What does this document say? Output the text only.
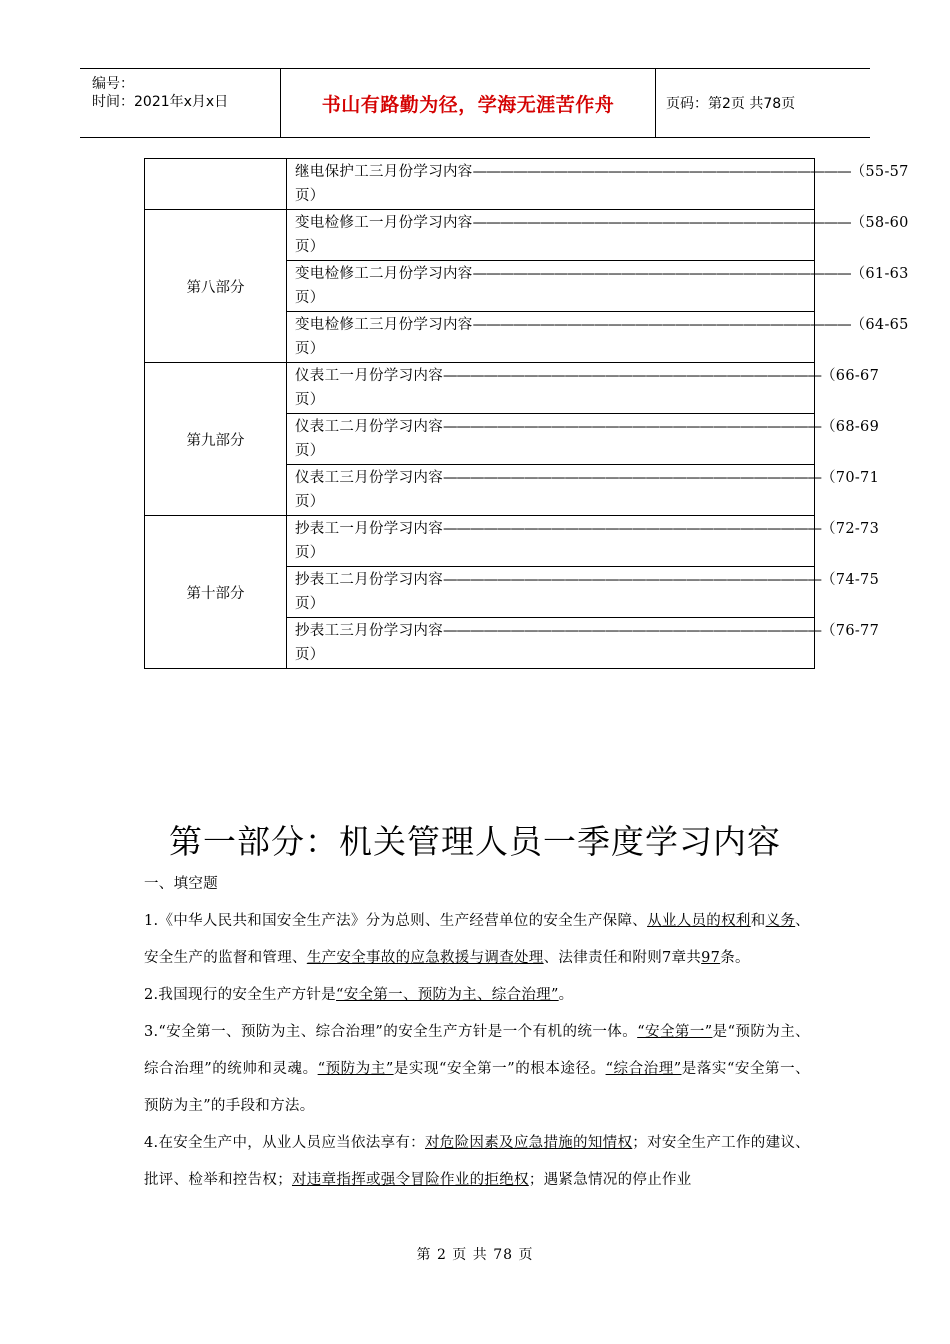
编号：
时间：2021年x月x日	书山有路勤为径，学海无涯苦作舟	页码：第2页 共78页

	继电保护工三月份学习内容 ———————————————————————————— （55-57
页）

第八部分	变电检修工一月份学习内容 ———————————————————————————— （58-60
页）

	变电检修工二月份学习内容 ———————————————————————————— （61-63
页）

	变电检修工三月份学习内容 ———————————————————————————— （64-65
页）

第九部分	仪表工一月份学习内容 ———————————————————————————— （66-67
页）

	仪表工二月份学习内容 ———————————————————————————— （68-69
页）

	仪表工三月份学习内容 ———————————————————————————— （70-71
页）

第十部分	抄表工一月份学习内容 ———————————————————————————— （72-73
页）

	抄表工二月份学习内容 ———————————————————————————— （74-75
页）

	抄表工三月份学习内容 ———————————————————————————— （76-77
页）
第一部分：机关管理人员一季度学习内容

一、填空题

1.《中华人民共和国安全生产法》分为总则、生产经营单位的安全生产保障、从业人员的权利和义务、安全生产的监督和管理、生产安全事故的应急救援与调查处理、法律责任和附则7章共97条。

2.我国现行的安全生产方针是“安全第一、预防为主、综合治理”。

3.“安全第一、预防为主、综合治理”的安全生产方针是一个有机的统一体。“安全第一”是“预防为主、综合治理”的统帅和灵魂。“预防为主”是实现“安全第一”的根本途径。“综合治理”是落实“安全第一、预防为主”的手段和方法。

4.在安全生产中，从业人员应当依法享有：对危险因素及应急措施的知情权；对安全生产工作的建议、批评、检举和控告权；对违章指挥或强令冒险作业的拒绝权；遇紧急情况的停止作业

第 2 页 共 78 页
